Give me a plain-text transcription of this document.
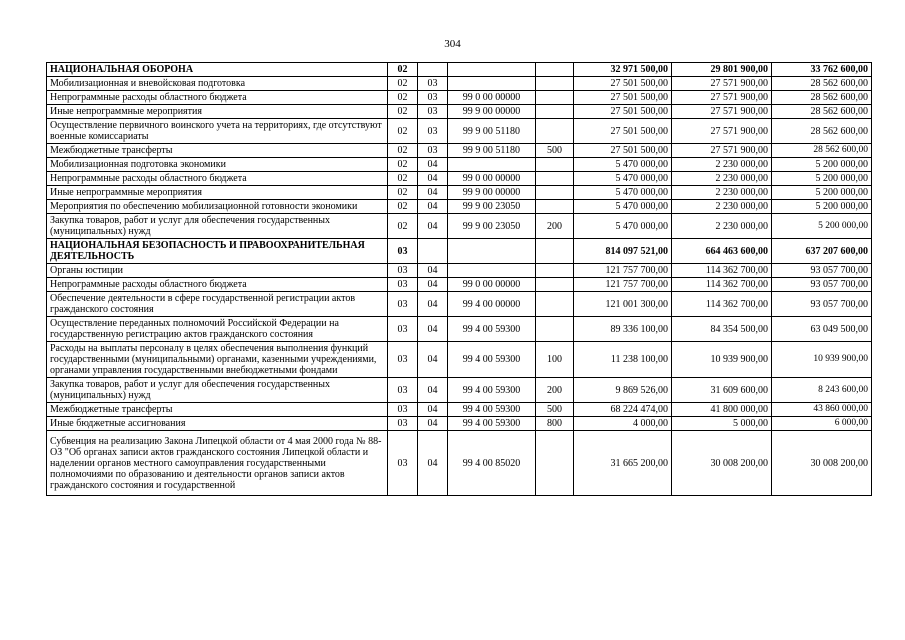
304
НАЦИОНАЛЬНАЯ ОБОРОНА	02				32 971 500,00	29 801 900,00	33 762 600,00
Мобилизационная и вневойсковая подготовка	02	03			27 501 500,00	27 571 900,00	28 562 600,00
Непрограммные расходы областного бюджета	02	03	99 0 00 00000		27 501 500,00	27 571 900,00	28 562 600,00
Иные непрограммные мероприятия	02	03	99 9 00 00000		27 501 500,00	27 571 900,00	28 562 600,00
Осуществление первичного воинского учета на территориях, где отсутствуют военные комиссариаты	02	03	99 9 00 51180		27 501 500,00	27 571 900,00	28 562 600,00
Межбюджетные трансферты	02	03	99 9 00 51180	500	27 501 500,00	27 571 900,00	28 562 600,00
Мобилизационная подготовка экономики	02	04			5 470 000,00	2 230 000,00	5 200 000,00
Непрограммные расходы областного бюджета	02	04	99 0 00 00000		5 470 000,00	2 230 000,00	5 200 000,00
Иные непрограммные мероприятия	02	04	99 9 00 00000		5 470 000,00	2 230 000,00	5 200 000,00
Мероприятия по обеспечению мобилизационной готовности экономики	02	04	99 9 00 23050		5 470 000,00	2 230 000,00	5 200 000,00
Закупка товаров, работ и услуг для обеспечения государственных (муниципальных) нужд	02	04	99 9 00 23050	200	5 470 000,00	2 230 000,00	5 200 000,00
НАЦИОНАЛЬНАЯ БЕЗОПАСНОСТЬ И ПРАВООХРАНИТЕЛЬНАЯ ДЕЯТЕЛЬНОСТЬ	03				814 097 521,00	664 463 600,00	637 207 600,00
Органы юстиции	03	04			121 757 700,00	114 362 700,00	93 057 700,00
Непрограммные расходы областного бюджета	03	04	99 0 00 00000		121 757 700,00	114 362 700,00	93 057 700,00
Обеспечение деятельности в сфере государственной регистрации актов гражданского состояния	03	04	99 4 00 00000		121 001 300,00	114 362 700,00	93 057 700,00
Осуществление переданных полномочий Российской Федерации на государственную регистрацию актов гражданского состояния	03	04	99 4 00 59300		89 336 100,00	84 354 500,00	63 049 500,00
Расходы на выплаты персоналу в целях обеспечения выполнения функций государственными (муниципальными) органами, казенными учреждениями, органами управления государственными внебюджетными фондами	03	04	99 4 00 59300	100	11 238 100,00	10 939 900,00	10 939 900,00
Закупка товаров, работ и услуг для обеспечения государственных (муниципальных) нужд	03	04	99 4 00 59300	200	9 869 526,00	31 609 600,00	8 243 600,00
Межбюджетные трансферты	03	04	99 4 00 59300	500	68 224 474,00	41 800 000,00	43 860 000,00
Иные бюджетные ассигнования	03	04	99 4 00 59300	800	4 000,00	5 000,00	6 000,00

Субвенция на реализацию Закона Липецкой области от 4 мая 2000 года № 88-ОЗ "Об органах записи актов гражданского состояния Липецкой области и наделении органов местного самоуправления государственными полномочиями по образованию и деятельности органов записи актов гражданского состояния и государственной	03	04	99 4 00 85020		31 665 200,00	30 008 200,00	30 008 200,00
